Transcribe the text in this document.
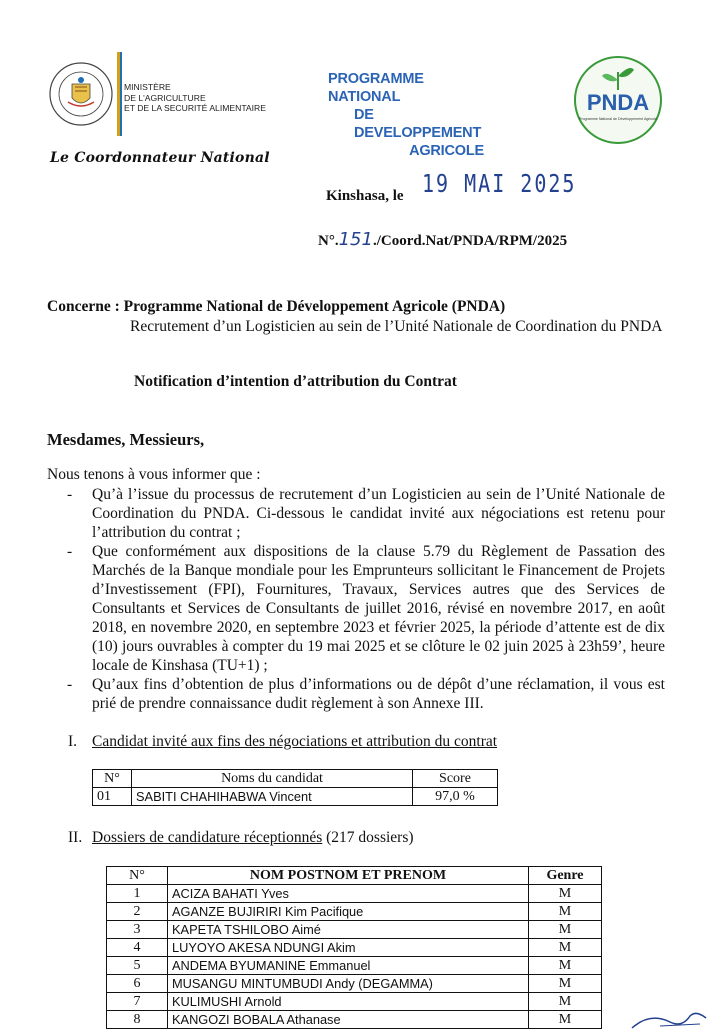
MINISTÈRE
DE L'AGRICULTURE
ET DE LA SECURITÉ ALIMENTAIRE
PROGRAMME NATIONAL
DE DEVELOPPEMENT
AGRICOLE
PNDA
Programme National de Développement Agricole
Le Coordonnateur National
Kinshasa, le 19 MAI 2025
N°.151./Coord.Nat/PNDA/RPM/2025
Concerne : Programme National de Développement Agricole (PNDA)
Recrutement d’un Logisticien au sein de l’Unité Nationale de Coordination du PNDA
Notification d’intention d’attribution du Contrat
Mesdames, Messieurs,
Nous tenons à vous informer que :
- Qu’à l’issue du processus de recrutement d’un Logisticien au sein de l’Unité Nationale de Coordination du PNDA. Ci-dessous le candidat invité aux négociations est retenu pour l’attribution du contrat ;
- Que conformément aux dispositions de la clause 5.79 du Règlement de Passation des Marchés de la Banque mondiale pour les Emprunteurs sollicitant le Financement de Projets d’Investissement (FPI), Fournitures, Travaux, Services autres que des Services de Consultants et Services de Consultants de juillet 2016, révisé en novembre 2017, en août 2018, en novembre 2020, en septembre 2023 et février 2025, la période d’attente est de dix (10) jours ouvrables à compter du 19 mai 2025 et se clôture le 02 juin 2025 à 23h59’, heure locale de Kinshasa (TU+1) ;
- Qu’aux fins d’obtention de plus d’informations ou de dépôt d’une réclamation, il vous est prié de prendre connaissance dudit règlement à son Annexe III.
I. Candidat invité aux fins des négociations et attribution du contrat
N°	Noms du candidat	Score
01	SABITI CHAHIHABWA Vincent	97,0 %
II. Dossiers de candidature réceptionnés (217 dossiers)
N°	NOM POSTNOM ET PRENOM	Genre
1	ACIZA BAHATI Yves	M
2	AGANZE BUJIRIRI Kim Pacifique	M
3	KAPETA TSHILOBO Aimé	M
4	LUYOYO AKESA NDUNGI Akim	M
5	ANDEMA BYUMANINE Emmanuel	M
6	MUSANGU MINTUMBUDI Andy (DEGAMMA)	M
7	KULIMUSHI Arnold	M
8	KANGOZI BOBALA Athanase	M
